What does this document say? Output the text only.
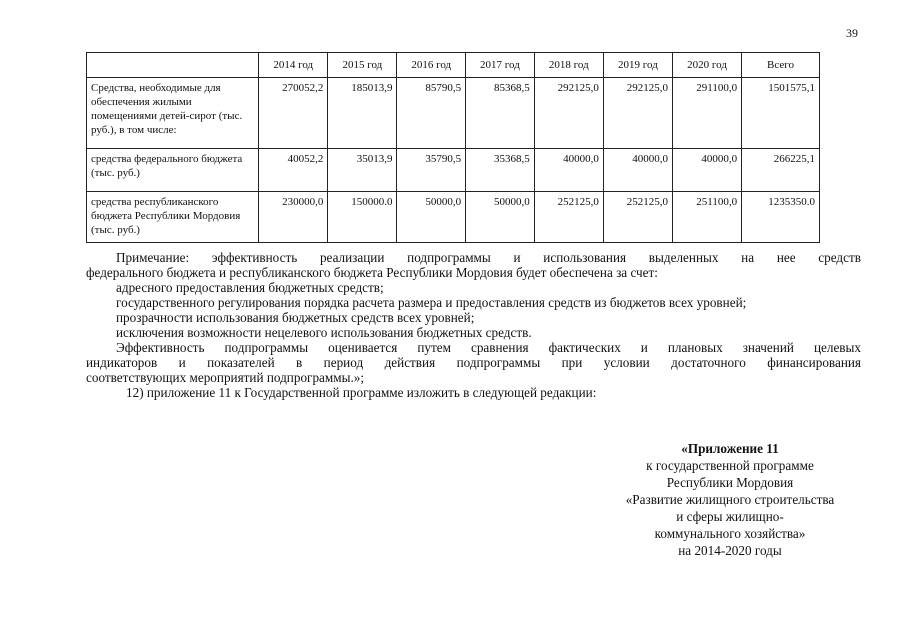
39
	2014 год	2015 год	2016 год	2017 год	2018 год	2019 год	2020 год	Всего
Средства, необходимые для обеспечения жилыми помещениями детей-сирот (тыс. руб.), в том числе:	270052,2	185013,9	85790,5	85368,5	292125,0	292125,0	291100,0	1501575,1
средства федерального бюджета (тыс. руб.)	40052,2	35013,9	35790,5	35368,5	40000,0	40000,0	40000,0	266225,1
средства республиканского бюджета Республики Мордовия (тыс. руб.)	230000,0	150000.0	50000,0	50000,0	252125,0	252125,0	251100,0	1235350.0

Примечание: эффективность реализации подпрограммы и использования выделенных на нее средств

федерального бюджета и республиканского бюджета Республики Мордовия будет обеспечена за счет:

адресного предоставления бюджетных средств;

государственного регулирования порядка расчета размера и предоставления средств из бюджетов всех уровней;

прозрачности использования бюджетных средств всех уровней;

исключения возможности нецелевого использования бюджетных средств.

Эффективность подпрограммы оценивается путем сравнения фактических и плановых значений целевых

индикаторов и показателей в период действия подпрограммы при условии достаточного финансирования

соответствующих мероприятий подпрограммы.»;

12) приложение 11 к Государственной программе изложить в следующей редакции:

«Приложение 11
к государственной программе
Республики Мордовия
«Развитие жилищного строительства
и сферы жилищно-
коммунального хозяйства»
на 2014-2020 годы
